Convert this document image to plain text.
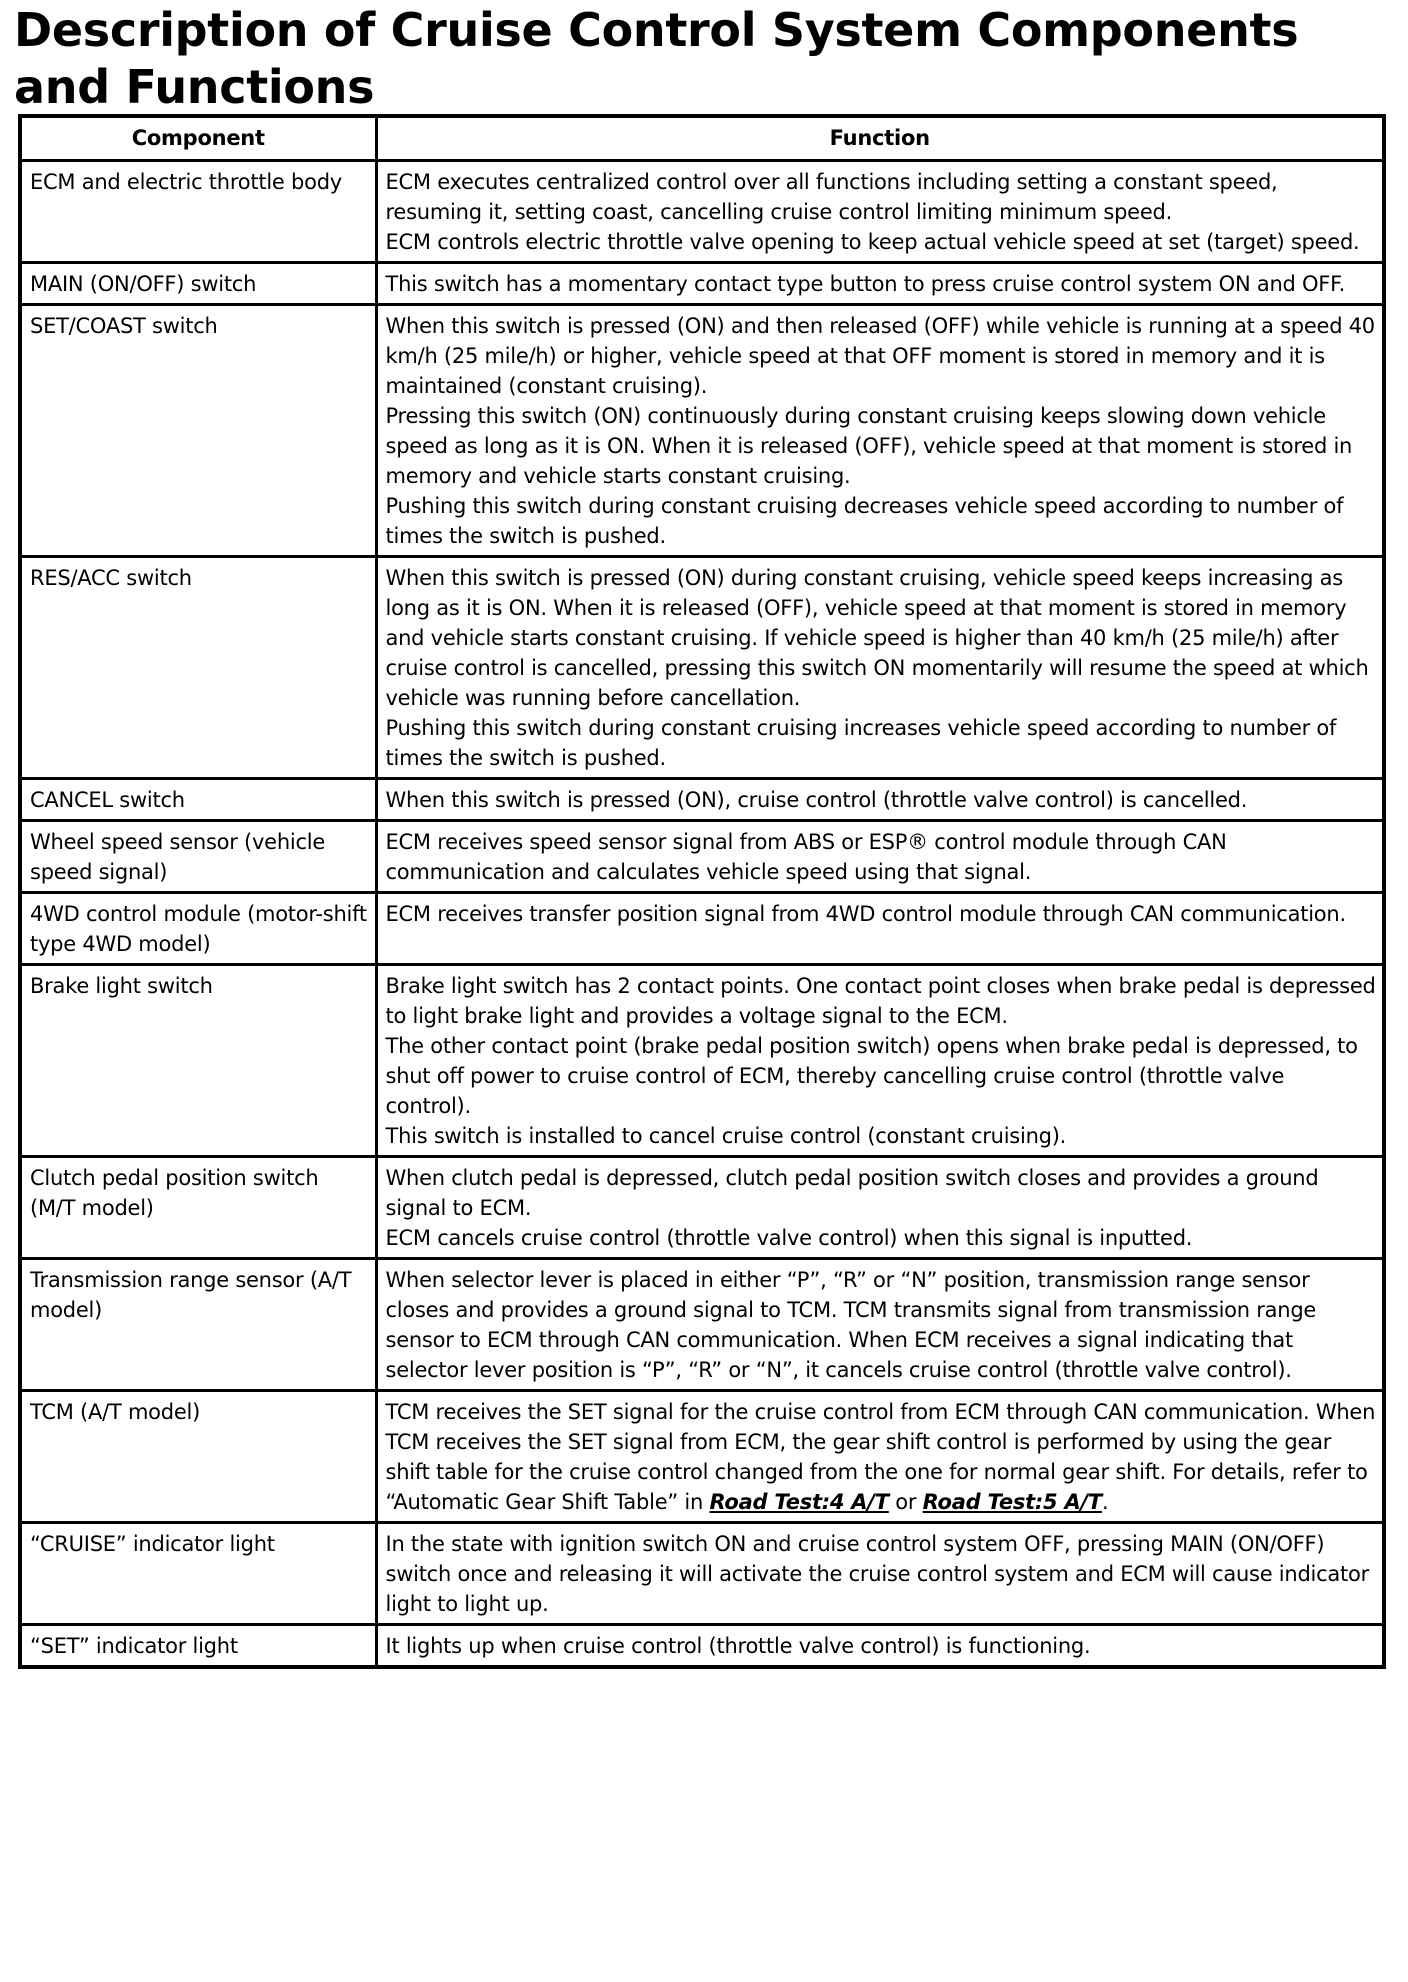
Description of Cruise Control System Components and Functions
Component	Function
ECM and electric throttle body	ECM executes centralized control over all functions including setting a constant speed, resuming it, setting coast, cancelling cruise control limiting minimum speed.
ECM controls electric throttle valve opening to keep actual vehicle speed at set (target) speed.

MAIN (ON/OFF) switch	This switch has a momentary contact type button to press cruise control system ON and OFF.

SET/COAST switch	When this switch is pressed (ON) and then released (OFF) while vehicle is running at a speed 40 km/h (25 mile/h) or higher, vehicle speed at that OFF moment is stored in memory and it is maintained (constant cruising).
Pressing this switch (ON) continuously during constant cruising keeps slowing down vehicle speed as long as it is ON. When it is released (OFF), vehicle speed at that moment is stored in memory and vehicle starts constant cruising.
Pushing this switch during constant cruising decreases vehicle speed according to number of times the switch is pushed.

RES/ACC switch	When this switch is pressed (ON) during constant cruising, vehicle speed keeps increasing as long as it is ON. When it is released (OFF), vehicle speed at that moment is stored in memory and vehicle starts constant cruising. If vehicle speed is higher than 40 km/h (25 mile/h) after cruise control is cancelled, pressing this switch ON momentarily will resume the speed at which vehicle was running before cancellation.
Pushing this switch during constant cruising increases vehicle speed according to number of times the switch is pushed.

CANCEL switch	When this switch is pressed (ON), cruise control (throttle valve control) is cancelled.

Wheel speed sensor (vehicle speed signal)	ECM receives speed sensor signal from ABS or ESP® control module through CAN communication and calculates vehicle speed using that signal.

4WD control module (motor-shift type 4WD model)	ECM receives transfer position signal from 4WD control module through CAN communication.

Brake light switch	Brake light switch has 2 contact points. One contact point closes when brake pedal is depressed to light brake light and provides a voltage signal to the ECM.
The other contact point (brake pedal position switch) opens when brake pedal is depressed, to shut off power to cruise control of ECM, thereby cancelling cruise control (throttle valve control).
This switch is installed to cancel cruise control (constant cruising).

Clutch pedal position switch (M/T model)	When clutch pedal is depressed, clutch pedal position switch closes and provides a ground signal to ECM.
ECM cancels cruise control (throttle valve control) when this signal is inputted.

Transmission range sensor (A/T model)	When selector lever is placed in either “P”, “R” or “N” position, transmission range sensor closes and provides a ground signal to TCM. TCM transmits signal from transmission range sensor to ECM through CAN communication. When ECM receives a signal indicating that selector lever position is “P”, “R” or “N”, it cancels cruise control (throttle valve control).

TCM (A/T model)	TCM receives the SET signal for the cruise control from ECM through CAN communication. When TCM receives the SET signal from ECM, the gear shift control is performed by using the gear shift table for the cruise control changed from the one for normal gear shift. For details, refer to “Automatic Gear Shift Table” in Road Test:4 A/T or Road Test:5 A/T.
“CRUISE” indicator light	In the state with ignition switch ON and cruise control system OFF, pressing MAIN (ON/OFF) switch once and releasing it will activate the cruise control system and ECM will cause indicator light to light up.

“SET” indicator light	It lights up when cruise control (throttle valve control) is functioning.
